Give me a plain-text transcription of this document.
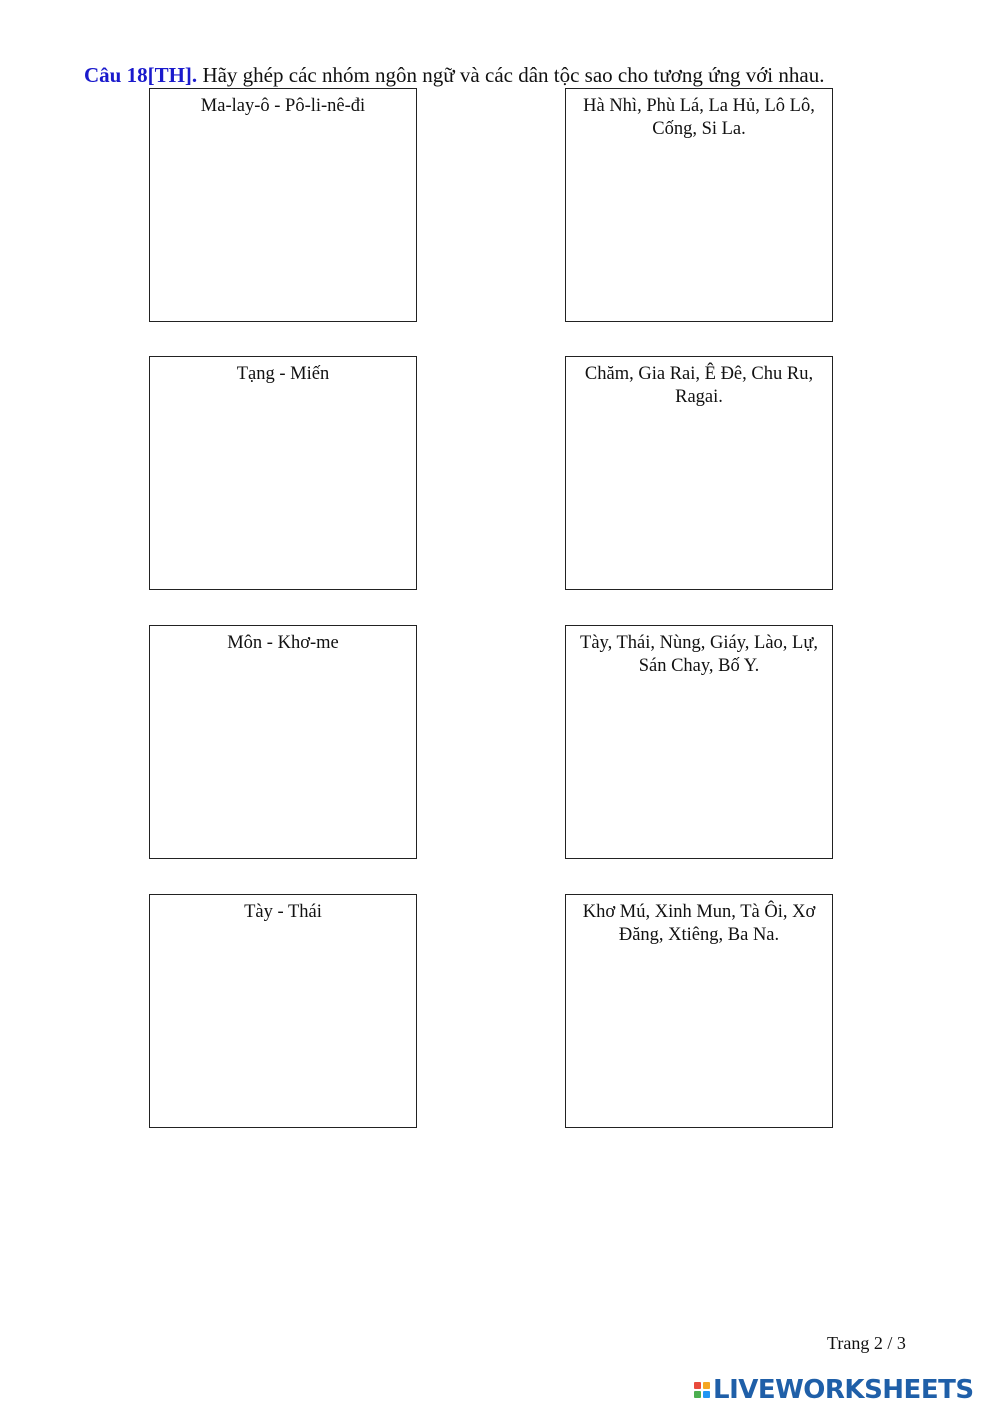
Câu 18[TH]. Hãy ghép các nhóm ngôn ngữ và các dân tộc sao cho tương ứng với nhau.
Ma-lay-ô - Pô-li-nê-đi
Tạng - Miến
Môn - Khơ-me
Tày - Thái
Hà Nhì, Phù Lá, La Hủ, Lô Lô, Cống, Si La.
Chăm, Gia Rai, Ê Đê, Chu Ru, Ragai.
Tày, Thái, Nùng, Giáy, Lào, Lự, Sán Chay, Bố Y.
Khơ Mú, Xinh Mun, Tà Ôi, Xơ Đăng, Xtiêng, Ba Na.
Trang 2 / 3
LIVEWORKSHEETS
